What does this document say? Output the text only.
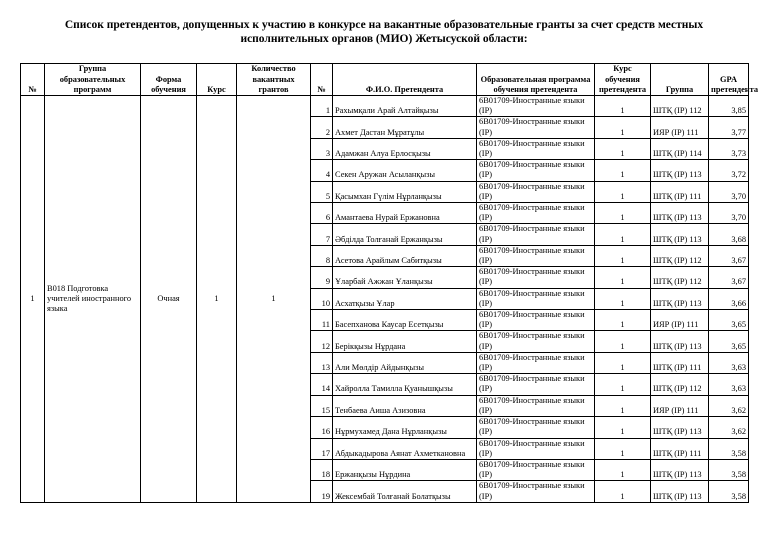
Список претендентов, допущенных к участию в конкурсе на вакантные образовательные гранты за счет средств местных исполнительных органов (МИО) Жетысуской области:
№	Группа образовательных программ	Форма обучения	Курс	Количество вакантных грантов	№	Ф.И.О. Претендента	Образовательная программа обучения претендента	Курс обучения претендента	Группа	GPA претендента
1	В018 Подготовка учителей иностранного языка	Очная	1	1	1	Рахымқали Арай Алтайқызы	6В01709-Иностранные языки (IP)	1	ШТҚ (IP) 112	3,85
					2	Ахмет Дастан Мұратұлы	6В01709-Иностранные языки (IP)	1	ИЯР (IP) 111	3,77
					3	Адамжан Алуа Ерлосқызы	6В01709-Иностранные языки (IP)	1	ШТҚ (IP) 114	3,73
					4	Секен Аружан Асыланқызы	6В01709-Иностранные языки (IP)	1	ШТҚ (IP) 113	3,72
					5	Қасымхан Гүлім Нұрланқызы	6В01709-Иностранные языки (IP)	1	ШТҚ (IP) 111	3,70
					6	Амантаева Нурай Ержановна	6В01709-Иностранные языки (IP)	1	ШТҚ (IP) 113	3,70
					7	Әбділда Толғанай Ержанқызы	6В01709-Иностранные языки (IP)	1	ШТҚ (IP) 113	3,68
					8	Асетова Арайлым Сабитқызы	6В01709-Иностранные языки (IP)	1	ШТҚ (IP) 112	3,67
					9	Ұларбай Ажжан Ұланқызы	6В01709-Иностранные языки (IP)	1	ШТҚ (IP) 112	3,67
					10	Асхатқызы Ұлар	6В01709-Иностранные языки (IP)	1	ШТҚ (IP) 113	3,66
					11	Басепханова Каусар Есетқызы	6В01709-Иностранные языки (IP)	1	ИЯР (IP) 111	3,65
					12	Берікқызы Нұрдана	6В01709-Иностранные языки (IP)	1	ШТҚ (IP) 113	3,65
					13	Али Мөлдір Айдынқызы	6В01709-Иностранные языки (IP)	1	ШТҚ (IP) 111	3,63
					14	Хайролла Тамилла Қуанышқызы	6В01709-Иностранные языки (IP)	1	ШТҚ (IP) 112	3,63
					15	Тенбаева Аиша Азизовна	6В01709-Иностранные языки (IP)	1	ИЯР (IP) 111	3,62
					16	Нұрмухамед Дана Нұрланқызы	6В01709-Иностранные языки (IP)	1	ШТҚ (IP) 113	3,62
					17	Абдыкадырова Аянат Ахметкановна	6В01709-Иностранные языки (IP)	1	ШТҚ (IP) 111	3,58
					18	Ержанқызы Нұрдина	6В01709-Иностранные языки (IP)	1	ШТҚ (IP) 113	3,58
					19	Жексембай Толғанай Болатқызы	6В01709-Иностранные языки (IP)	1	ШТҚ (IP) 113	3,58
